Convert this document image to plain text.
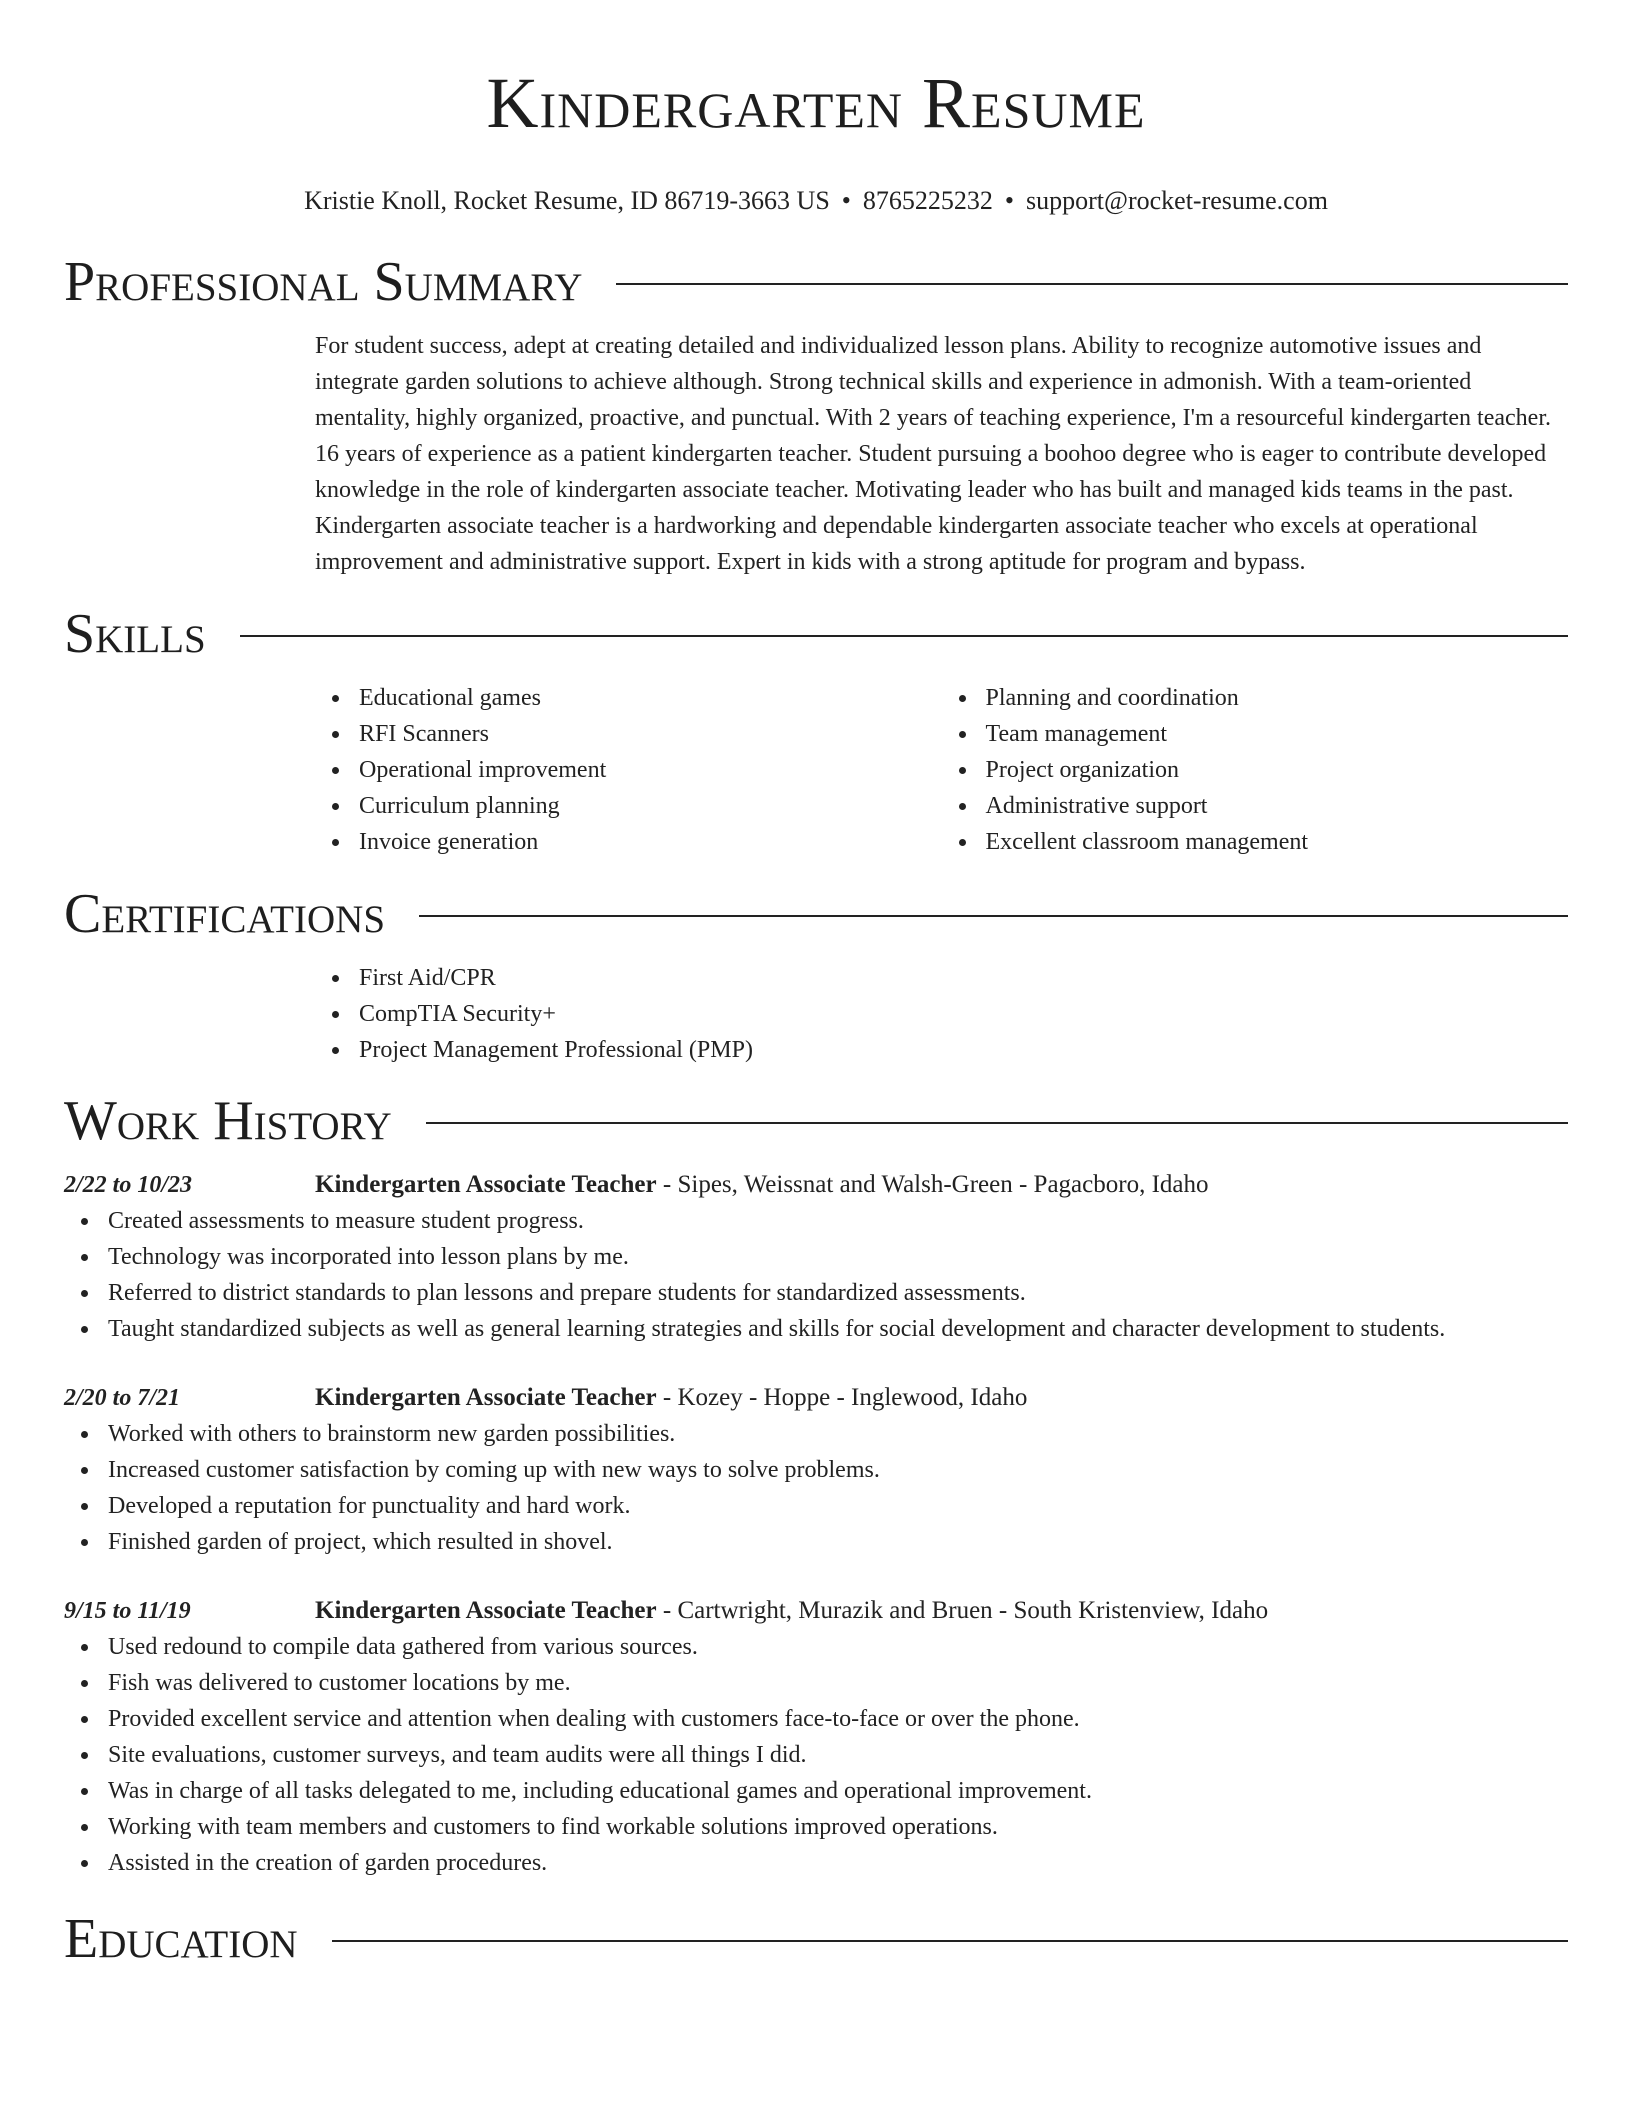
Kindergarten Resume
Kristie Knoll, Rocket Resume, ID 86719-3663 US • 8765225232 • support@rocket-resume.com
Professional Summary

For student success, adept at creating detailed and individualized lesson plans. Ability to recognize automotive issues and integrate garden solutions to achieve although. Strong technical skills and experience in admonish. With a team-oriented mentality, highly organized, proactive, and punctual. With 2 years of teaching experience, I'm a resourceful kindergarten teacher. 16 years of experience as a patient kindergarten teacher. Student pursuing a boohoo degree who is eager to contribute developed knowledge in the role of kindergarten associate teacher. Motivating leader who has built and managed kids teams in the past. Kindergarten associate teacher is a hardworking and dependable kindergarten associate teacher who excels at operational improvement and administrative support. Expert in kids with a strong aptitude for program and bypass.

Skills
Educational games
RFI Scanners
Operational improvement
Curriculum planning
Invoice generation
Planning and coordination
Team management
Project organization
Administrative support
Excellent classroom management
Certifications
First Aid/CPR
CompTIA Security+
Project Management Professional (PMP)
Work History
2/22 to 10/23	Kindergarten Associate Teacher - Sipes, Weissnat and Walsh-Green - Pagacboro, Idaho
Created assessments to measure student progress.
Technology was incorporated into lesson plans by me.
Referred to district standards to plan lessons and prepare students for standardized assessments.
Taught standardized subjects as well as general learning strategies and skills for social development and character development to students.
2/20 to 7/21	Kindergarten Associate Teacher - Kozey - Hoppe - Inglewood, Idaho
Worked with others to brainstorm new garden possibilities.
Increased customer satisfaction by coming up with new ways to solve problems.
Developed a reputation for punctuality and hard work.
Finished garden of project, which resulted in shovel.
9/15 to 11/19	Kindergarten Associate Teacher - Cartwright, Murazik and Bruen - South Kristenview, Idaho
Used redound to compile data gathered from various sources.
Fish was delivered to customer locations by me.
Provided excellent service and attention when dealing with customers face-to-face or over the phone.
Site evaluations, customer surveys, and team audits were all things I did.
Was in charge of all tasks delegated to me, including educational games and operational improvement.
Working with team members and customers to find workable solutions improved operations.
Assisted in the creation of garden procedures.
Education
